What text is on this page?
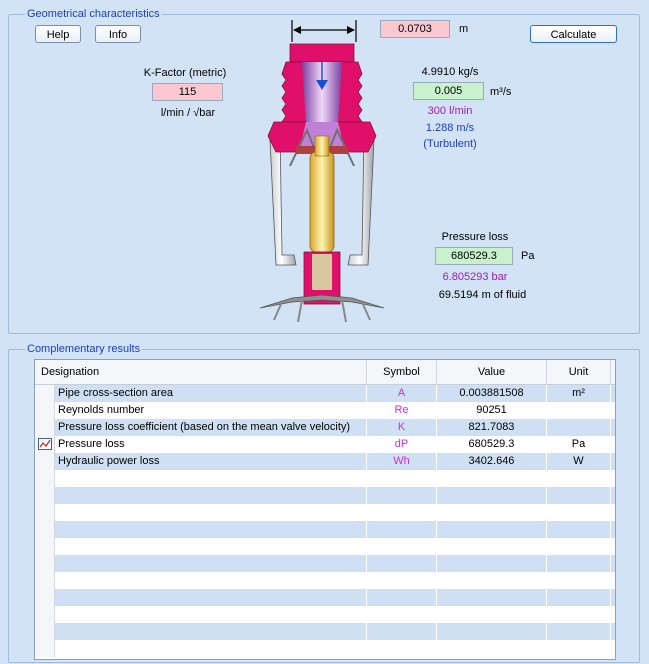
Geometrical characteristics
Complementary results
Help	Info	Calculate
0.0703
m
K-Factor (metric)
115
l/min / √bar
4.9910 kg/s
0.005
m³/s
300 l/min
1.288 m/s
(Turbulent)
Pressure loss
680529.3
Pa
6.805293 bar
69.5194 m of fluid
Designation	Symbol	Value	Unit
Pipe cross-section area	A	0.003881508	m²
Reynolds number	Re	90251
Pressure loss coefficient (based on the mean valve velocity)	K	821.7083
Pressure loss	dP	680529.3	Pa
Hydraulic power loss	Wh	3402.646	W
